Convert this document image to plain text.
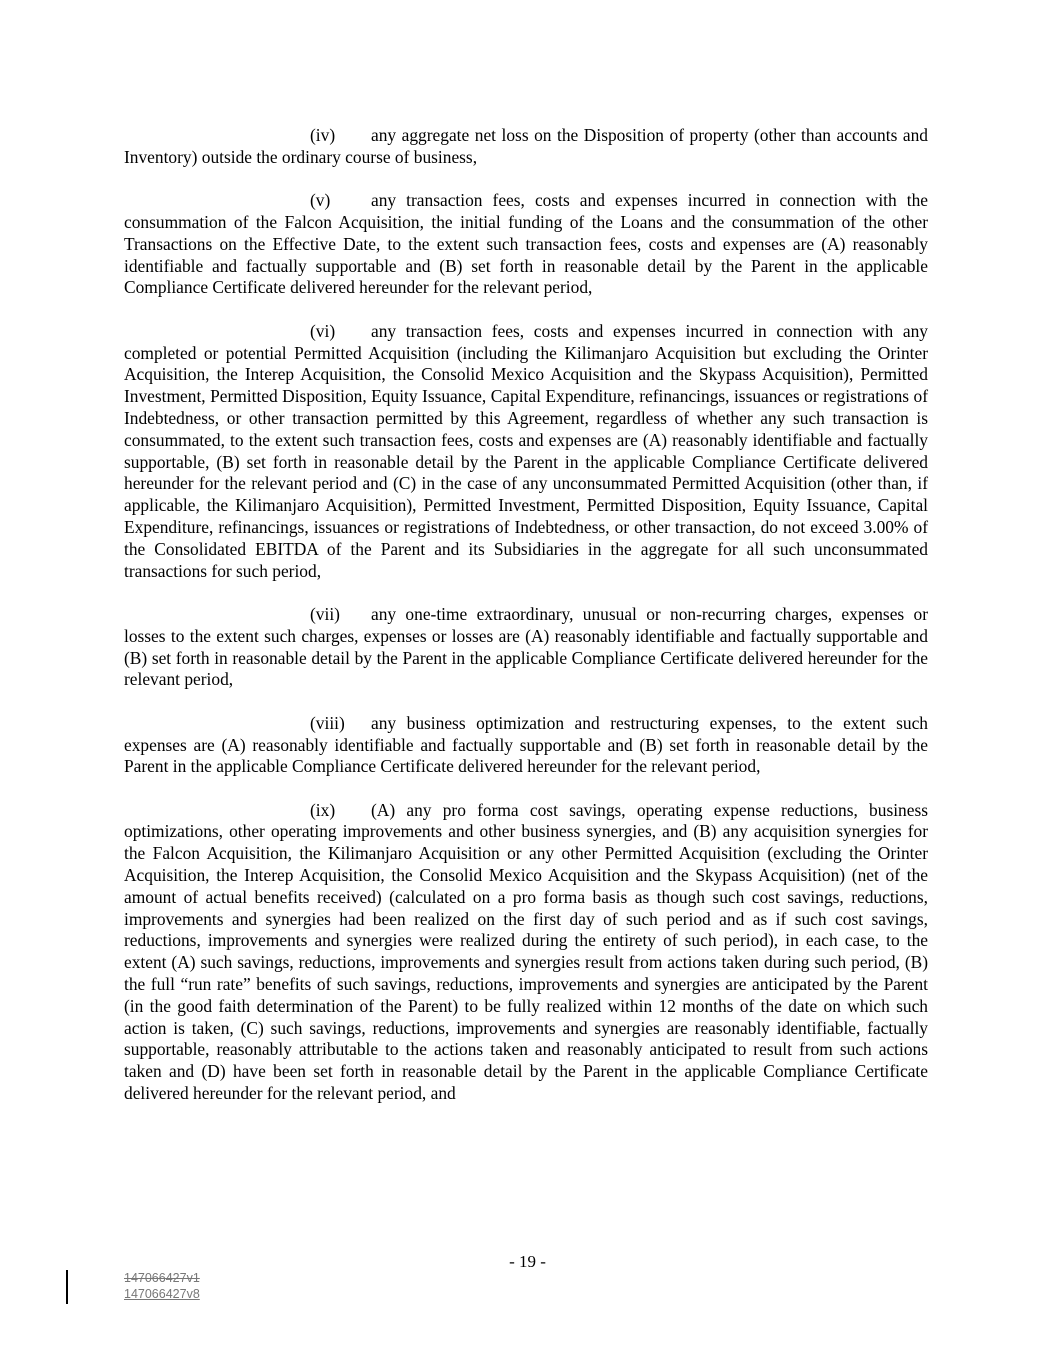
(iv) any aggregate net loss on the Disposition of property (other than accounts and Inventory) outside the ordinary course of business,

(v) any transaction fees, costs and expenses incurred in connection with the consummation of the Falcon Acquisition, the initial funding of the Loans and the consummation of the other Transactions on the Effective Date, to the extent such transaction fees, costs and expenses are (A) reasonably identifiable and factually supportable and (B) set forth in reasonable detail by the Parent in the applicable Compliance Certificate delivered hereunder for the relevant period,

(vi) any transaction fees, costs and expenses incurred in connection with any completed or potential Permitted Acquisition (including the Kilimanjaro Acquisition but excluding the Orinter Acquisition, the Interep Acquisition, the Consolid Mexico Acquisition and the Skypass Acquisition), Permitted Investment, Permitted Disposition, Equity Issuance, Capital Expenditure, refinancings, issuances or registrations of Indebtedness, or other transaction permitted by this Agreement, regardless of whether any such transaction is consummated, to the extent such transaction fees, costs and expenses are (A) reasonably identifiable and factually supportable, (B) set forth in reasonable detail by the Parent in the applicable Compliance Certificate delivered hereunder for the relevant period and (C) in the case of any unconsummated Permitted Acquisition (other than, if applicable, the Kilimanjaro Acquisition), Permitted Investment, Permitted Disposition, Equity Issuance, Capital Expenditure, refinancings, issuances or registrations of Indebtedness, or other transaction, do not exceed 3.00% of the Consolidated EBITDA of the Parent and its Subsidiaries in the aggregate for all such unconsummated transactions for such period,

(vii) any one-time extraordinary, unusual or non-recurring charges, expenses or losses to the extent such charges, expenses or losses are (A) reasonably identifiable and factually supportable and (B) set forth in reasonable detail by the Parent in the applicable Compliance Certificate delivered hereunder for the relevant period,

(viii) any business optimization and restructuring expenses, to the extent such expenses are (A) reasonably identifiable and factually supportable and (B) set forth in reasonable detail by the Parent in the applicable Compliance Certificate delivered hereunder for the relevant period,

(ix) (A) any pro forma cost savings, operating expense reductions, business optimizations, other operating improvements and other business synergies, and (B) any acquisition synergies for the Falcon Acquisition, the Kilimanjaro Acquisition or any other Permitted Acquisition (excluding the Orinter Acquisition, the Interep Acquisition, the Consolid Mexico Acquisition and the Skypass Acquisition) (net of the amount of actual benefits received) (calculated on a pro forma basis as though such cost savings, reductions, improvements and synergies had been realized on the first day of such period and as if such cost savings, reductions, improvements and synergies were realized during the entirety of such period), in each case, to the extent (A) such savings, reductions, improvements and synergies result from actions taken during such period, (B) the full “run rate” benefits of such savings, reductions, improvements and synergies are anticipated by the Parent (in the good faith determination of the Parent) to be fully realized within 12 months of the date on which such action is taken, (C) such savings, reductions, improvements and synergies are reasonably identifiable, factually supportable, reasonably attributable to the actions taken and reasonably anticipated to result from such actions taken and (D) have been set forth in reasonable detail by the Parent in the applicable Compliance Certificate delivered hereunder for the relevant period, and

- 19 -
147066427v1
147066427v8
